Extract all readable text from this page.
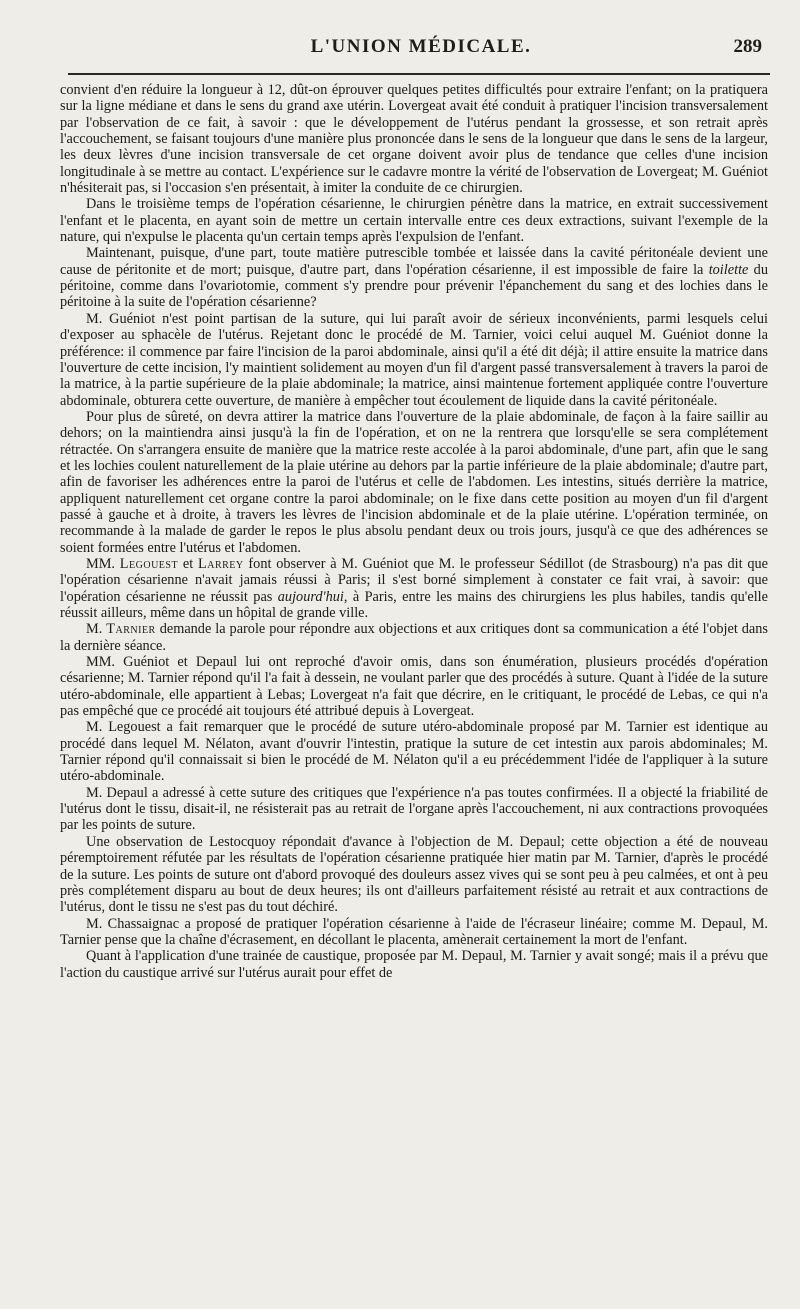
L'UNION MÉDICALE.	289

convient d'en réduire la longueur à 12, dût-on éprouver quelques petites difficultés pour extraire l'enfant; on la pratiquera sur la ligne médiane et dans le sens du grand axe utérin. Lovergeat avait été conduit à pratiquer l'incision transversalement par l'observation de ce fait, à savoir : que le développement de l'utérus pendant la grossesse, et son retrait après l'accouchement, se faisant toujours d'une manière plus prononcée dans le sens de la longueur que dans le sens de la largeur, les deux lèvres d'une incision transversale de cet organe doivent avoir plus de tendance que celles d'une incision longitudinale à se mettre au contact. L'expérience sur le cadavre montre la vérité de l'observation de Lovergeat; M. Guéniot n'hésiterait pas, si l'occasion s'en présentait, à imiter la conduite de ce chirurgien.

Dans le troisième temps de l'opération césarienne, le chirurgien pénètre dans la matrice, en extrait successivement l'enfant et le placenta, en ayant soin de mettre un certain intervalle entre ces deux extractions, suivant l'exemple de la nature, qui n'expulse le placenta qu'un certain temps après l'expulsion de l'enfant.

Maintenant, puisque, d'une part, toute matière putrescible tombée et laissée dans la cavité péritonéale devient une cause de péritonite et de mort; puisque, d'autre part, dans l'opération césarienne, il est impossible de faire la toilette du péritoine, comme dans l'ovariotomie, comment s'y prendre pour prévenir l'épanchement du sang et des lochies dans le péritoine à la suite de l'opération césarienne?

M. Guéniot n'est point partisan de la suture, qui lui paraît avoir de sérieux inconvénients, parmi lesquels celui d'exposer au sphacèle de l'utérus. Rejetant donc le procédé de M. Tarnier, voici celui auquel M. Guéniot donne la préférence: il commence par faire l'incision de la paroi abdominale, ainsi qu'il a été dit déjà; il attire ensuite la matrice dans l'ouverture de cette incision, l'y maintient solidement au moyen d'un fil d'argent passé transversalement à travers la paroi de la matrice, à la partie supérieure de la plaie abdominale; la matrice, ainsi maintenue fortement appliquée contre l'ouverture abdominale, obturera cette ouverture, de manière à empêcher tout écoulement de liquide dans la cavité péritonéale.

Pour plus de sûreté, on devra attirer la matrice dans l'ouverture de la plaie abdominale, de façon à la faire saillir au dehors; on la maintiendra ainsi jusqu'à la fin de l'opération, et on ne la rentrera que lorsqu'elle se sera complétement rétractée. On s'arrangera ensuite de manière que la matrice reste accolée à la paroi abdominale, d'une part, afin que le sang et les lochies coulent naturellement de la plaie utérine au dehors par la partie inférieure de la plaie abdominale; d'autre part, afin de favoriser les adhérences entre la paroi de l'utérus et celle de l'abdomen. Les intestins, situés derrière la matrice, appliquent naturellement cet organe contre la paroi abdominale; on le fixe dans cette position au moyen d'un fil d'argent passé à gauche et à droite, à travers les lèvres de l'incision abdominale et de la plaie utérine. L'opération terminée, on recommande à la malade de garder le repos le plus absolu pendant deux ou trois jours, jusqu'à ce que des adhérences se soient formées entre l'utérus et l'abdomen.

MM. Legouest et Larrey font observer à M. Guéniot que M. le professeur Sédillot (de Strasbourg) n'a pas dit que l'opération césarienne n'avait jamais réussi à Paris; il s'est borné simplement à constater ce fait vrai, à savoir: que l'opération césarienne ne réussit pas aujourd'hui, à Paris, entre les mains des chirurgiens les plus habiles, tandis qu'elle réussit ailleurs, même dans un hôpital de grande ville.

M. Tarnier demande la parole pour répondre aux objections et aux critiques dont sa communication a été l'objet dans la dernière séance.

MM. Guéniot et Depaul lui ont reproché d'avoir omis, dans son énumération, plusieurs procédés d'opération césarienne; M. Tarnier répond qu'il l'a fait à dessein, ne voulant parler que des procédés à suture. Quant à l'idée de la suture utéro-abdominale, elle appartient à Lebas; Lovergeat n'a fait que décrire, en le critiquant, le procédé de Lebas, ce qui n'a pas empêché que ce procédé ait toujours été attribué depuis à Lovergeat.

M. Legouest a fait remarquer que le procédé de suture utéro-abdominale proposé par M. Tarnier est identique au procédé dans lequel M. Nélaton, avant d'ouvrir l'intestin, pratique la suture de cet intestin aux parois abdominales; M. Tarnier répond qu'il connaissait si bien le procédé de M. Nélaton qu'il a eu précédemment l'idée de l'appliquer à la suture utéro-abdominale.

M. Depaul a adressé à cette suture des critiques que l'expérience n'a pas toutes confirmées. Il a objecté la friabilité de l'utérus dont le tissu, disait-il, ne résisterait pas au retrait de l'organe après l'accouchement, ni aux contractions provoquées par les points de suture.

Une observation de Lestocquoy répondait d'avance à l'objection de M. Depaul; cette objection a été de nouveau péremptoirement réfutée par les résultats de l'opération césarienne pratiquée hier matin par M. Tarnier, d'après le procédé de la suture. Les points de suture ont d'abord provoqué des douleurs assez vives qui se sont peu à peu calmées, et ont à peu près complétement disparu au bout de deux heures; ils ont d'ailleurs parfaitement résisté au retrait et aux contractions de l'utérus, dont le tissu ne s'est pas du tout déchiré.

M. Chassaignac a proposé de pratiquer l'opération césarienne à l'aide de l'écraseur linéaire; comme M. Depaul, M. Tarnier pense que la chaîne d'écrasement, en décollant le placenta, amènerait certainement la mort de l'enfant.

Quant à l'application d'une trainée de caustique, proposée par M. Depaul, M. Tarnier y avait songé; mais il a prévu que l'action du caustique arrivé sur l'utérus aurait pour effet de
